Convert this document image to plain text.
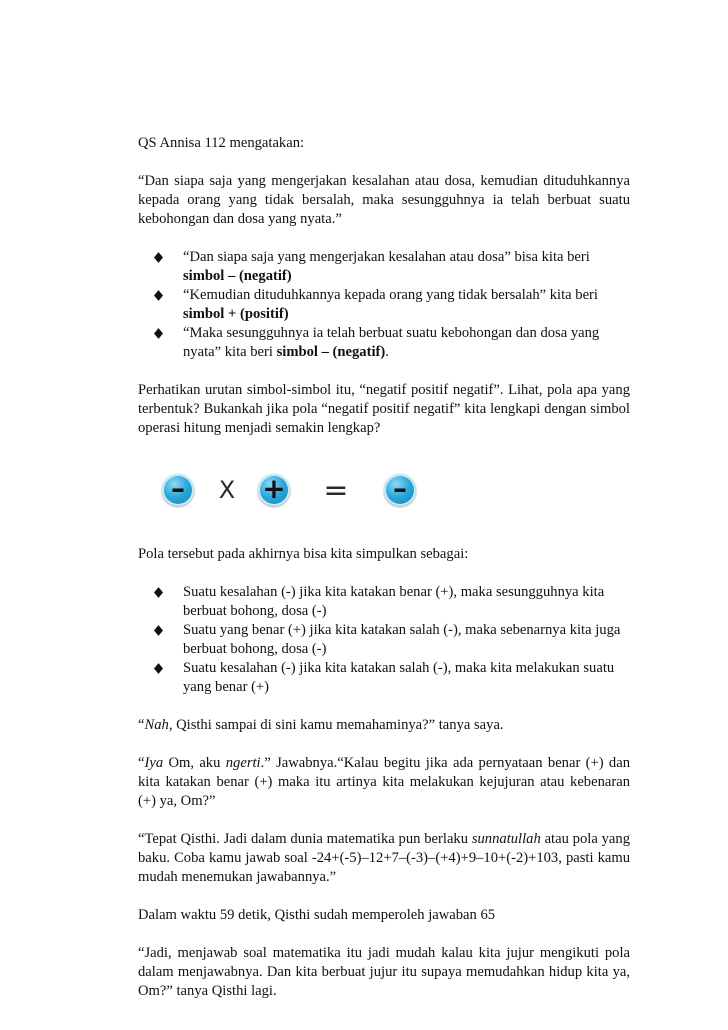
QS Annisa 112 mengatakan:

“Dan siapa saja yang mengerjakan kesalahan atau dosa, kemudian dituduhkannya kepada orang yang tidak bersalah, maka sesungguhnya ia telah berbuat suatu kebohongan dan dosa yang nyata.”

“Dan siapa saja yang mengerjakan kesalahan atau dosa” bisa kita beri simbol – (negatif)
“Kemudian dituduhkannya kepada orang yang tidak bersalah” kita beri simbol + (positif)
“Maka sesungguhnya ia telah berbuat suatu kebohongan dan dosa yang nyata” kita beri simbol – (negatif).

Perhatikan urutan simbol-simbol itu, “negatif positif negatif”. Lihat, pola apa yang terbentuk? Bukankah jika pola “negatif positif negatif” kita lengkapi dengan simbol operasi hitung menjadi semakin lengkap?

– X + = –

Pola tersebut pada akhirnya bisa kita simpulkan sebagai:

Suatu kesalahan (-) jika kita katakan benar (+), maka sesungguhnya kita berbuat bohong, dosa (-)
Suatu yang benar (+) jika kita katakan salah (-), maka sebenarnya kita juga berbuat bohong, dosa (-)
Suatu kesalahan (-) jika kita katakan salah (-), maka kita melakukan suatu yang benar (+)

“Nah, Qisthi sampai di sini kamu memahaminya?” tanya saya.

“Iya Om, aku ngerti.” Jawabnya.“Kalau begitu jika ada pernyataan benar (+) dan kita katakan benar (+) maka itu artinya kita melakukan kejujuran atau kebenaran (+) ya, Om?”

“Tepat Qisthi. Jadi dalam dunia matematika pun berlaku sunnatullah atau pola yang baku. Coba kamu jawab soal -24+(-5)–12+7–(-3)–(+4)+9–10+(-2)+103, pasti kamu mudah menemukan jawabannya.”

Dalam waktu 59 detik, Qisthi sudah memperoleh jawaban 65

“Jadi, menjawab soal matematika itu jadi mudah kalau kita jujur mengikuti pola dalam menjawabnya. Dan kita berbuat jujur itu supaya memudahkan hidup kita ya, Om?” tanya Qisthi lagi.
